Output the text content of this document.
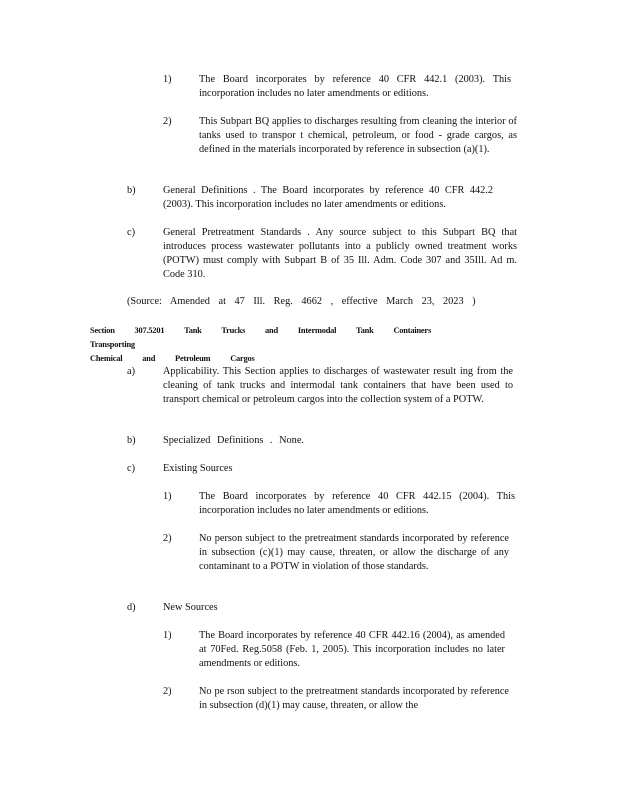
1)	The Board incorporates by reference 40 CFR 442.1 (2003). This incorporation includes no later amendments or editions.
2)	This Subpart BQ applies to discharges resulting from cleaning the interior of tanks used to transpor t chemical, petroleum, or food - grade cargos, as defined in the materials incorporated by reference in subsection (a)(1).
b)	General Definitions . The Board incorporates by reference 40 CFR 442.2 (2003). This incorporation includes no later amendments or editions.
c)	General Pretreatment Standards . Any source subject to this Subpart BQ that introduces process wastewater pollutants into a publicly owned treatment works (POTW) must comply with Subpart B of 35 Ill. Adm. Code 307 and 35Ill. Ad m. Code 310.
(Source: Amended at 47 Ill. Reg. 4662 , effective March 23, 2023 )
Section 307.5201 Tank Trucks and Intermodal Tank Containers Transporting
Chemical and Petroleum Cargos
a)	Applicability. This Section applies to discharges of wastewater result ing from the cleaning of tank trucks and intermodal tank containers that have been used to transport chemical or petroleum cargos into the collection system of a POTW.
b)	Specialized Definitions . None.
c)	Existing Sources
1)	The Board incorporates by reference 40 CFR 442.15 (2004). This incorporation includes no later amendments or editions.
2)	No person subject to the pretreatment standards incorporated by reference in subsection (c)(1) may cause, threaten, or allow the discharge of any contaminant to a POTW in violation of those standards.
d)	New Sources
1)	The Board incorporates by reference 40 CFR 442.16 (2004), as amended at 70Fed. Reg.5058 (Feb. 1, 2005). This incorporation includes no later amendments or editions.
2)	No pe rson subject to the pretreatment standards incorporated by reference in subsection (d)(1) may cause, threaten, or allow the
